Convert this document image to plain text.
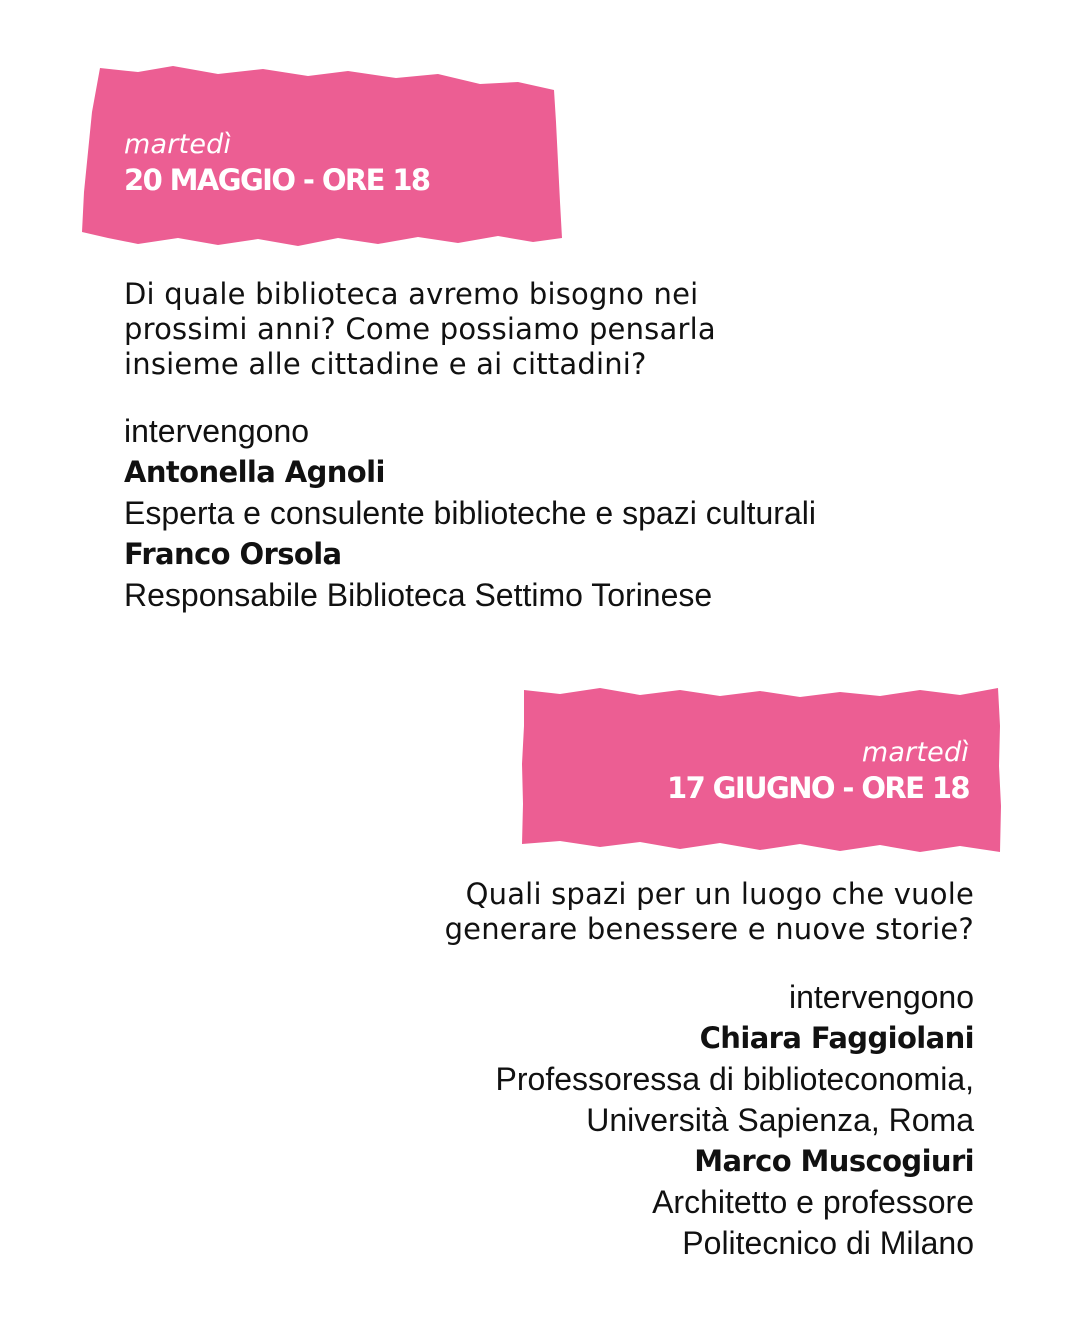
martedì
20 MAGGIO - ORE 18
Di quale biblioteca avremo bisogno nei
prossimi anni? Come possiamo pensarla
insieme alle cittadine e ai cittadini?
intervengono
Antonella Agnoli
Esperta e consulente biblioteche e spazi culturali
Franco Orsola
Responsabile Biblioteca Settimo Torinese
martedì
17 GIUGNO - ORE 18
Quali spazi per un luogo che vuole
generare benessere e nuove storie?
intervengono
Chiara Faggiolani
Professoressa di biblioteconomia,
Università Sapienza, Roma
Marco Muscogiuri
Architetto e professore
Politecnico di Milano
